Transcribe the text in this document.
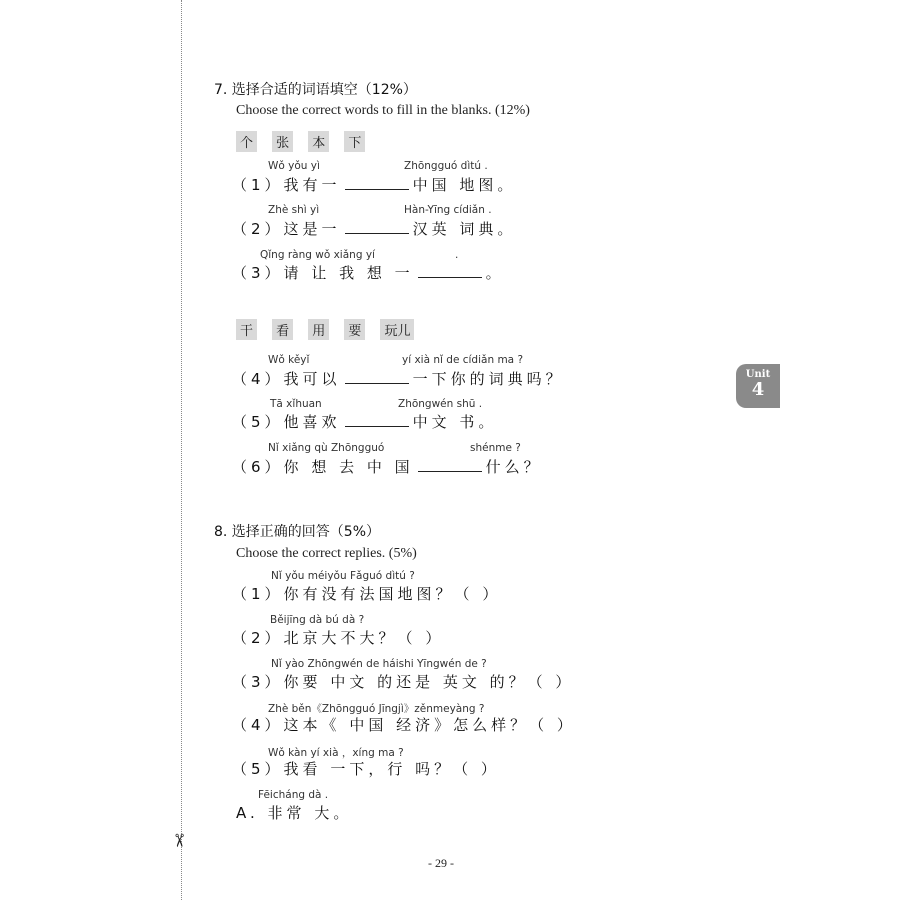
✂
Unit
4
7. 选择合适的词语填空（12%）
Choose the correct words to fill in the blanks. (12%)
个 张 本 下
Wǒ yǒu yì	Zhōngguó dìtú .
（1）我有一	中国 地图。
Zhè shì yì	Hàn-Yīng cídiǎn .
（2）这是一	汉英 词典。
Qǐng ràng wǒ xiǎng yí	.
（3）请 让 我 想 一	。
干 看 用 要 玩儿
Wǒ kěyǐ	yí xià nǐ de cídiǎn ma ?
（4）我可以	一下你的词典吗？
Tā xǐhuan	Zhōngwén shū .
（5）他喜欢	中文 书。
Nǐ xiǎng qù Zhōngguó	shénme ?
（6）你 想 去 中 国	什么？
8. 选择正确的回答（5%）
Choose the correct replies. (5%)
Nǐ yǒu méiyǒu Fǎguó dìtú ?
（1）你有没有法国地图？（ ）
Běijīng dà bú dà ?
（2）北京大不大？（ ）
Nǐ yào Zhōngwén de háishi Yīngwén de ?
（3）你要 中文 的还是 英文 的？（ ）
Zhè běn《Zhōngguó Jīngjì》zěnmeyàng ?
（4）这本《 中国 经济》怎么样？（ ）
Wǒ kàn yí xià ，xíng ma ?
（5）我看 一下，行 吗？（ ）
Fēicháng dà .
A. 非常 大。
- 29 -
